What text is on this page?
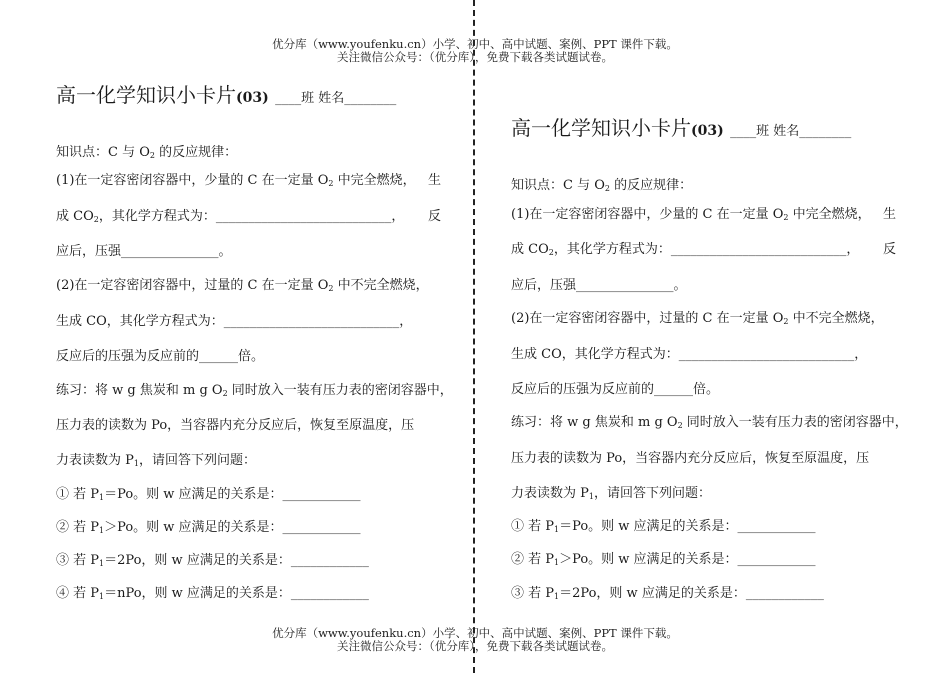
优分库（www.youfenku.cn）小学、初中、高中试题、案例、PPT 课件下载。
关注微信公众号：（优分库），免费下载各类试题试卷。
高一化学知识小卡片(03) ____班 姓名________
知识点：C 与 $O_2$ 的反应规律：
(1)在一定容密闭容器中，少量的 C 在一定量 $O_2$ 中完全燃烧， 生
成 $CO_2$，其化学方程式为：___________________________， 反
应后，压强_______________。
(2)在一定容密闭容器中，过量的 C 在一定量 $O_2$ 中不完全燃烧，
生成 CO，其化学方程式为：___________________________，
反应后的压强为反应前的______倍。
练习：将 w g 焦炭和 m g $O_2$ 同时放入一装有压力表的密闭容器中，
压力表的读数为 Po，当容器内充分反应后，恢复至原温度，压
力表读数为 $P_1$，请回答下列问题：
① 若 $P_1=Po$。则 w 应满足的关系是：____________
② 若 $P_1>Po$。则 w 应满足的关系是：____________
③ 若 $P_1=2Po$，则 w 应满足的关系是：____________
④ 若 $P_1=nPo$，则 w 应满足的关系是：____________
高一化学知识小卡片(03) ____班 姓名________
知识点：C 与 $O_2$ 的反应规律：
(1)在一定容密闭容器中，少量的 C 在一定量 $O_2$ 中完全燃烧， 生
成 $CO_2$，其化学方程式为：___________________________， 反
应后，压强_______________。
(2)在一定容密闭容器中，过量的 C 在一定量 $O_2$ 中不完全燃烧，
生成 CO，其化学方程式为：___________________________，
反应后的压强为反应前的______倍。
练习：将 w g 焦炭和 m g $O_2$ 同时放入一装有压力表的密闭容器中，
压力表的读数为 Po，当容器内充分反应后，恢复至原温度，压
力表读数为 $P_1$，请回答下列问题：
① 若 $P_1=Po$。则 w 应满足的关系是：____________
② 若 $P_1>Po$。则 w 应满足的关系是：____________
③ 若 $P_1=2Po$，则 w 应满足的关系是：____________
优分库（www.youfenku.cn）小学、初中、高中试题、案例、PPT 课件下载。
关注微信公众号：（优分库），免费下载各类试题试卷。
